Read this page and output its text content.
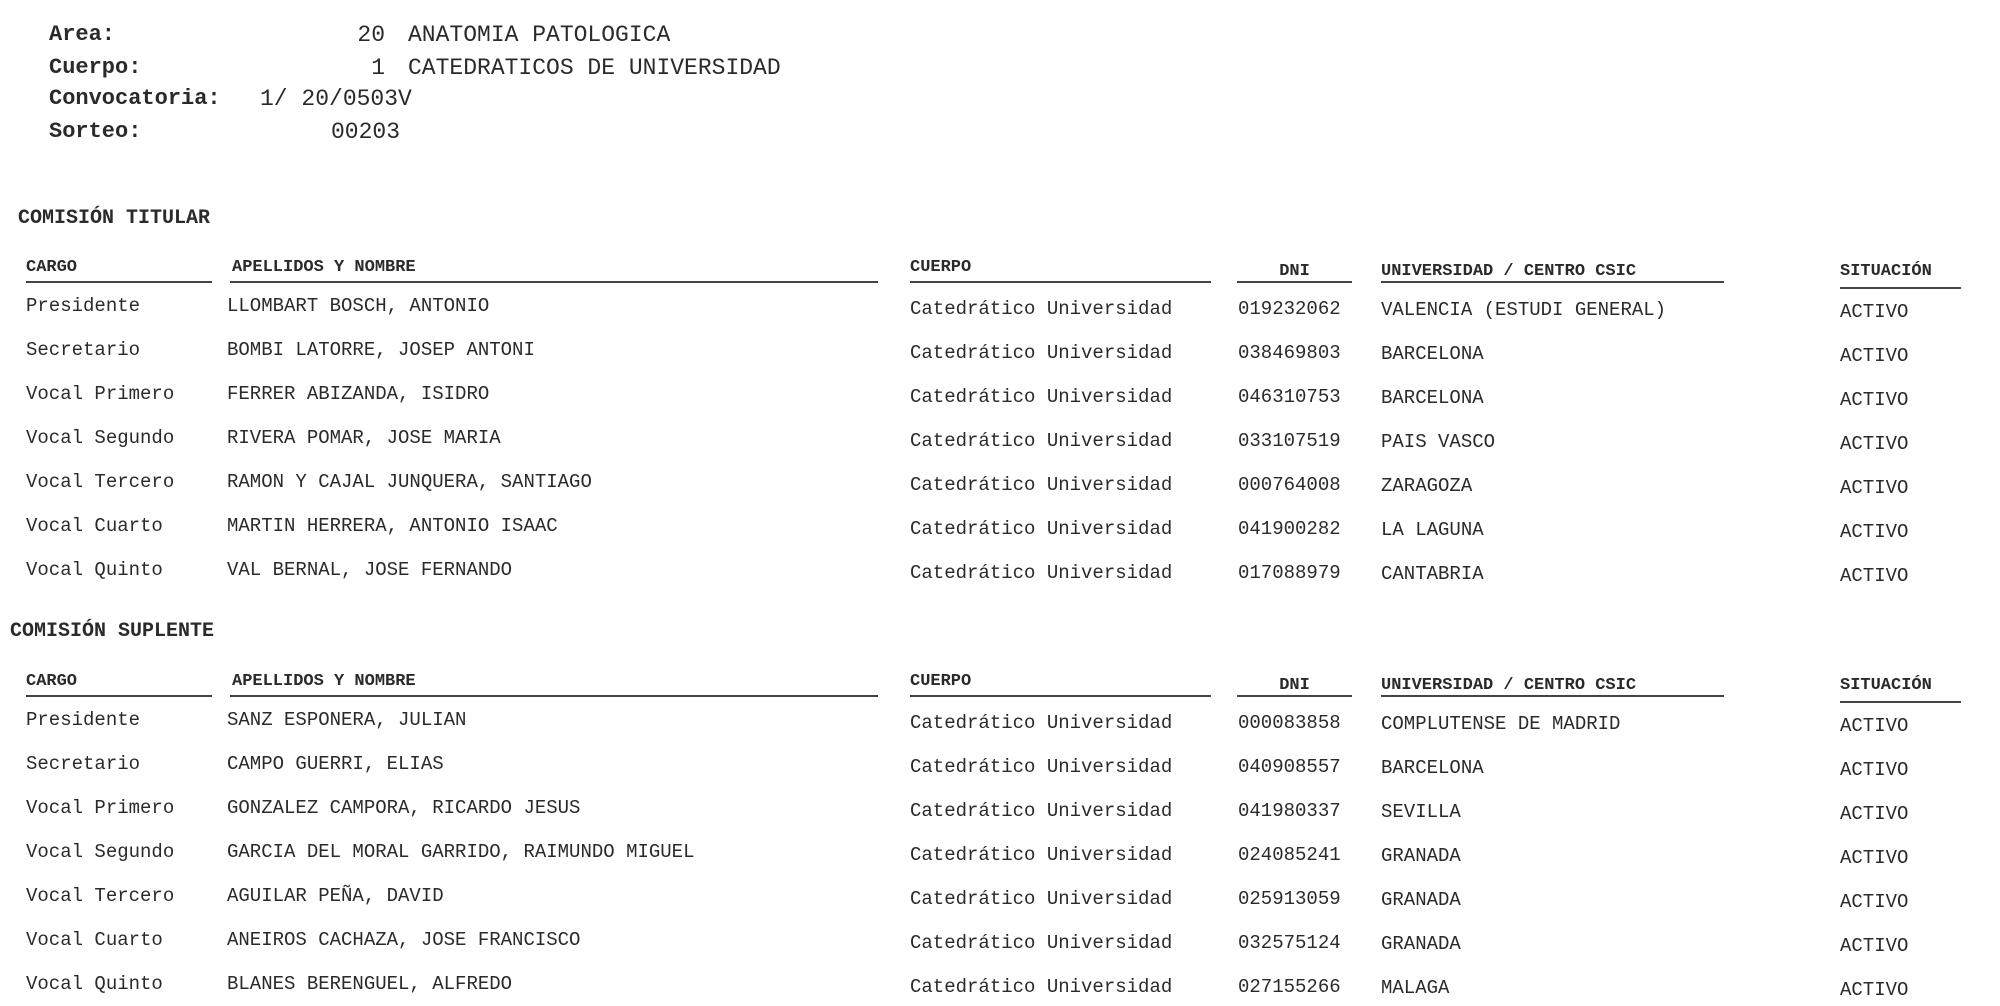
Area:	20 ANATOMIA PATOLOGICA
Cuerpo:	1 CATEDRATICOS DE UNIVERSIDAD
Convocatoria: 1/ 20/0503V
Sorteo:	00203
COMISIÓN TITULAR
CARGO	APELLIDOS Y NOMBRE	CUERPO	DNI	UNIVERSIDAD / CENTRO CSIC	SITUACIÓN
Presidente	LLOMBART BOSCH, ANTONIO	Catedrático Universidad	019232062 VALENCIA (ESTUDI GENERAL)	ACTIVO
Secretario	BOMBI LATORRE, JOSEP ANTONI	Catedrático Universidad	038469803 BARCELONA	ACTIVO
Vocal Primero	FERRER ABIZANDA, ISIDRO	Catedrático Universidad	046310753 BARCELONA	ACTIVO
Vocal Segundo	RIVERA POMAR, JOSE MARIA	Catedrático Universidad	033107519 PAIS VASCO	ACTIVO
Vocal Tercero	RAMON Y CAJAL JUNQUERA, SANTIAGO	Catedrático Universidad	000764008 ZARAGOZA	ACTIVO
Vocal Cuarto	MARTIN HERRERA, ANTONIO ISAAC	Catedrático Universidad	041900282 LA LAGUNA	ACTIVO
Vocal Quinto	VAL BERNAL, JOSE FERNANDO	Catedrático Universidad	017088979 CANTABRIA	ACTIVO
COMISIÓN SUPLENTE
CARGO	APELLIDOS Y NOMBRE	CUERPO	DNI	UNIVERSIDAD / CENTRO CSIC	SITUACIÓN
Presidente	SANZ ESPONERA, JULIAN	Catedrático Universidad	000083858 COMPLUTENSE DE MADRID	ACTIVO
Secretario	CAMPO GUERRI, ELIAS	Catedrático Universidad	040908557 BARCELONA	ACTIVO
Vocal Primero	GONZALEZ CAMPORA, RICARDO JESUS	Catedrático Universidad	041980337 SEVILLA	ACTIVO
Vocal Segundo	GARCIA DEL MORAL GARRIDO, RAIMUNDO MIGUEL	Catedrático Universidad	024085241 GRANADA	ACTIVO
Vocal Tercero	AGUILAR PEÑA, DAVID	Catedrático Universidad	025913059 GRANADA	ACTIVO
Vocal Cuarto	ANEIROS CACHAZA, JOSE FRANCISCO	Catedrático Universidad	032575124 GRANADA	ACTIVO
Vocal Quinto	BLANES BERENGUEL, ALFREDO	Catedrático Universidad	027155266 MALAGA	ACTIVO
